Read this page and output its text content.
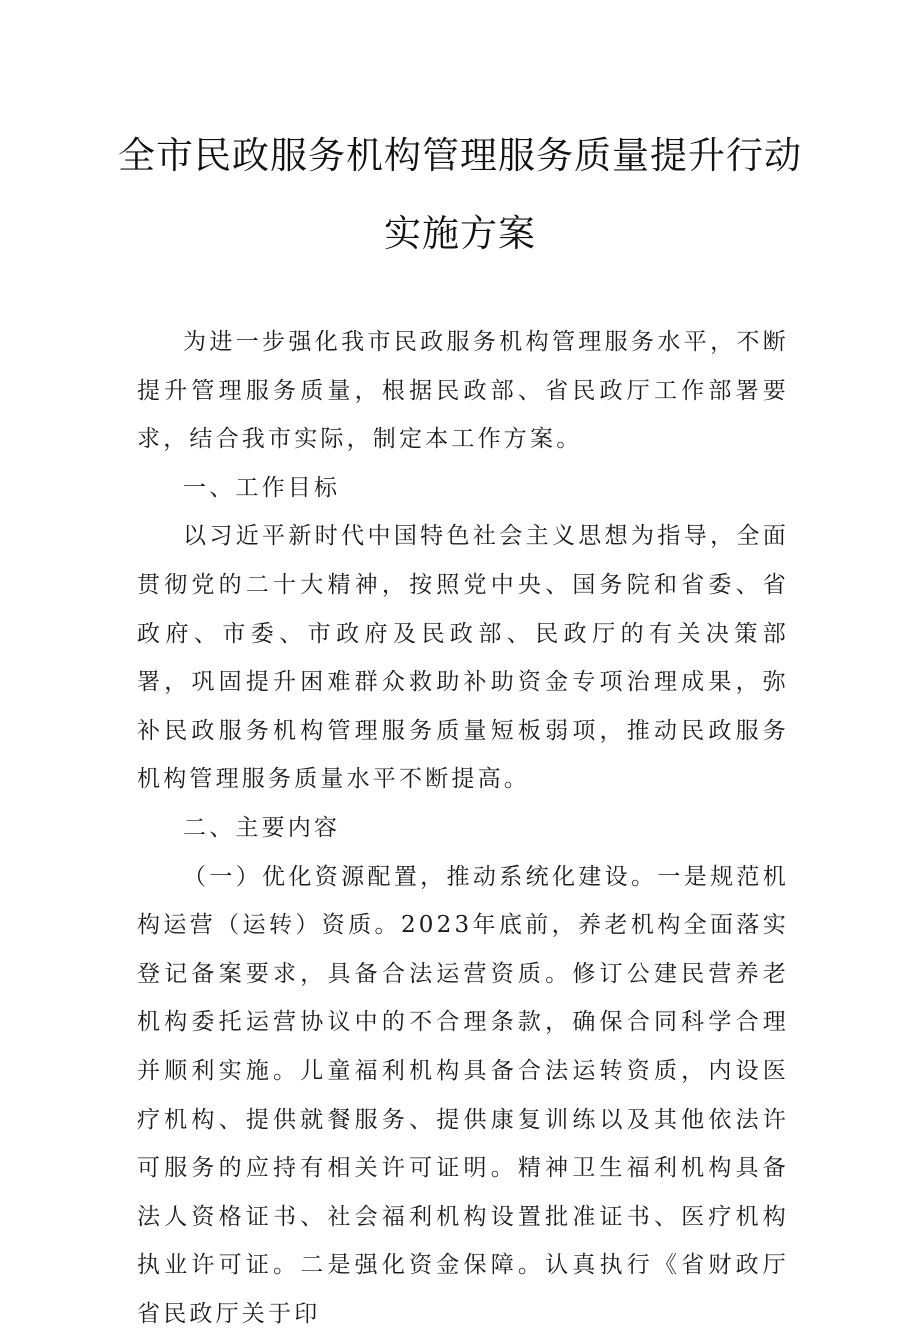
全市民政服务机构管理服务质量提升行动
实施方案

为进一步强化我市民政服务机构管理服务水平，不断提升管理服务质量，根据民政部、省民政厅工作部署要求，结合我市实际，制定本工作方案。

一、工作目标

以习近平新时代中国特色社会主义思想为指导，全面贯彻党的二十大精神，按照党中央、国务院和省委、省政府、市委、市政府及民政部、民政厅的有关决策部署，巩固提升困难群众救助补助资金专项治理成果，弥补民政服务机构管理服务质量短板弱项，推动民政服务机构管理服务质量水平不断提高。

二、主要内容

（一）优化资源配置，推动系统化建设。一是规范机构运营（运转）资质。2023年底前，养老机构全面落实登记备案要求，具备合法运营资质。修订公建民营养老机构委托运营协议中的不合理条款，确保合同科学合理并顺利实施。儿童福利机构具备合法运转资质，内设医疗机构、提供就餐服务、提供康复训练以及其他依法许可服务的应持有相关许可证明。精神卫生福利机构具备法人资格证书、社会福利机构设置批准证书、医疗机构执业许可证。二是强化资金保障。认真执行《省财政厅省民政厅关于印
